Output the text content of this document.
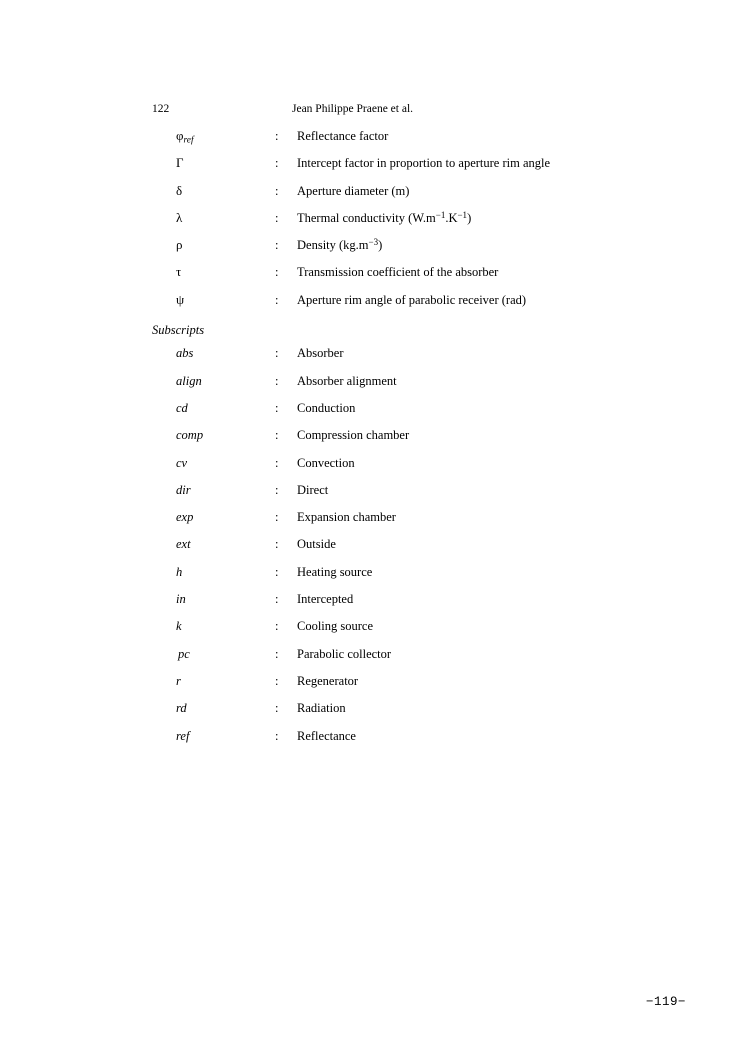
122	Jean Philippe Praene et al.
$\varphi_{ref}$	:	Reflectance factor
Γ	:	Intercept factor in proportion to aperture rim angle
δ	:	Aperture diameter (m)
λ	:	Thermal conductivity $(W.m^{-1}.K^{-1})$
ρ	:	Density $(kg.m^{-3})$
τ	:	Transmission coefficient of the absorber
ψ	:	Aperture rim angle of parabolic receiver (rad)
Subscripts
abs	:	Absorber
align	:	Absorber alignment
cd	:	Conduction
comp	:	Compression chamber
cv	:	Convection
dir	:	Direct
exp	:	Expansion chamber
ext	:	Outside
h	:	Heating source
in	:	Intercepted
k	:	Cooling source
pc	:	Parabolic collector
r	:	Regenerator
rd	:	Radiation
ref	:	Reflectance
−119−
